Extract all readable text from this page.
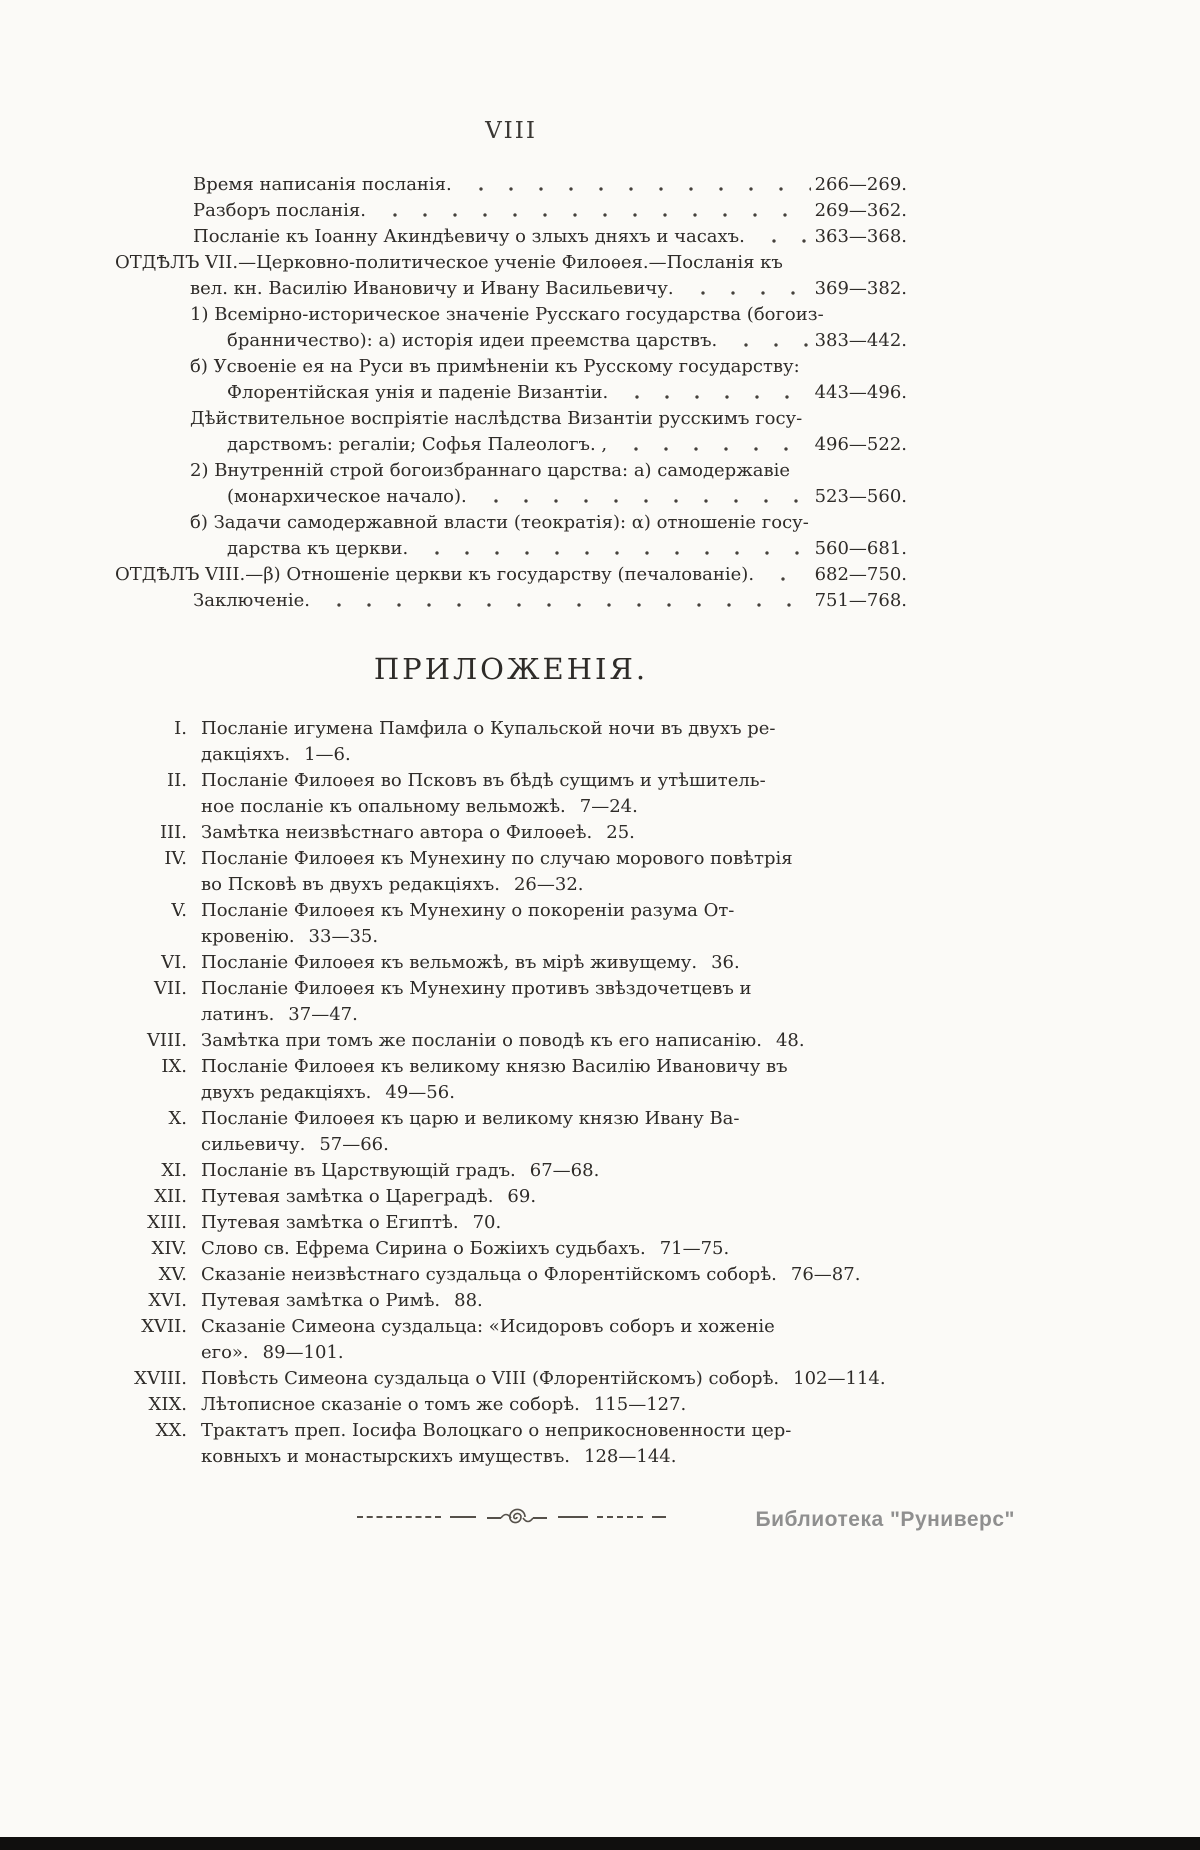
VIII
Время написанія посланія.	266—269.
Разборъ посланія.	269—362.
Посланіе къ Іоанну Акиндѣевичу о злыхъ дняхъ и часахъ.	363—368.
ОТДѢЛЪ VII.—Церковно-политическое ученіе Филоѳея.—Посланія къ
вел. кн. Василію Ивановичу и Ивану Васильевичу.	369—382.
1) Всемірно-историческое значеніе Русскаго государства (богоиз-
бранничество): а) исторія идеи преемства царствъ.	383—442.
б) Усвоеніе ея на Руси въ примѣненіи къ Русскому государству:
Флорентійская унія и паденіе Византіи.	443—496.
Дѣйствительное воспріятіе наслѣдства Византіи русскимъ госу-
дарствомъ: регаліи; Софья Палеологъ. ,	496—522.
2) Внутренній строй богоизбраннаго царства: а) самодержавіе
(монархическое начало).	523—560.
б) Задачи самодержавной власти (теократія): α) отношеніе госу-
дарства къ церкви.	560—681.
ОТДѢЛЪ VIII.—β) Отношеніе церкви къ государству (печалованіе).	682—750.
Заключеніе.	751—768.
ПРИЛОЖЕНІЯ.
I. Посланіе игумена Памфила о Купальской ночи въ двухъ ре-
дакціяхъ. 1—6.
II. Посланіе Филоѳея во Псковъ въ бѣдѣ сущимъ и утѣшитель-
ное посланіе къ опальному вельможѣ. 7—24.
III. Замѣтка неизвѣстнаго автора о Филоѳеѣ. 25.
IV. Посланіе Филоѳея къ Мунехину по случаю морового повѣтрія
во Псковѣ въ двухъ редакціяхъ. 26—32.
V. Посланіе Филоѳея къ Мунехину о покореніи разума От-
кровенію. 33—35.
VI. Посланіе Филоѳея къ вельможѣ, въ мірѣ живущему. 36.
VII. Посланіе Филоѳея къ Мунехину противъ звѣздочетцевъ и
латинъ. 37—47.
VIII. Замѣтка при томъ же посланіи о поводѣ къ его написанію. 48.
IX. Посланіе Филоѳея къ великому князю Василію Ивановичу въ
двухъ редакціяхъ. 49—56.
X. Посланіе Филоѳея къ царю и великому князю Ивану Ва-
сильевичу. 57—66.
XI. Посланіе въ Царствующій градъ. 67—68.
XII. Путевая замѣтка о Цареградѣ. 69.
XIII. Путевая замѣтка о Египтѣ. 70.
XIV. Слово св. Ефрема Сирина о Божіихъ судьбахъ. 71—75.
XV. Сказаніе неизвѣстнаго суздальца о Флорентійскомъ соборѣ. 76—87.
XVI. Путевая замѣтка о Римѣ. 88.
XVII. Сказаніе Симеона суздальца: «Исидоровъ соборъ и хоженіе его». 89—101.
XVIII. Повѣсть Симеона суздальца о VIII (Флорентійскомъ) соборѣ. 102—114.
XIX. Лѣтописное сказаніе о томъ же соборѣ. 115—127.
XX. Трактатъ преп. Іосифа Волоцкаго о неприкосновенности цер-
ковныхъ и монастырскихъ имуществъ. 128—144.
Библиотека "Руниверс"
